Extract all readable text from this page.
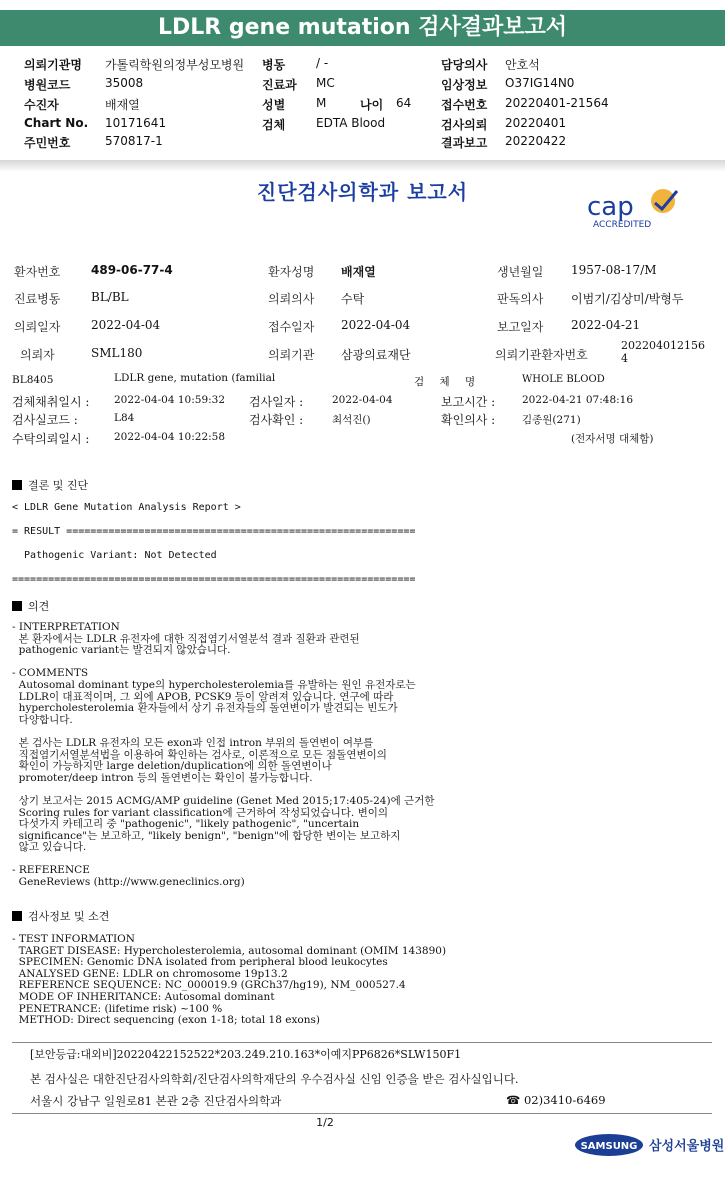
LDLR gene mutation 검사결과보고서
의뢰기관명 가톨릭학원의정부성모병원 병동	/ -	담당의사 안호석
병원코드	35008	진료과 MC	임상정보 O37IG14N0
수진자	배재열	성별	M	나이 64 접수번호 20220401-21564
Chart No. 10171641	검체	EDTA Blood	검사의뢰 20220401
주민번호	570817-1	결과보고 20220422
진단검사의학과 보고서	cap
ACCREDITED
환자번호	489-06-77-4	환자성명 배재열	생년월일 1957-08-17/M
진료병동	BL/BL	의뢰의사 수탁	판독의사 이범기/김상미/박형두
의뢰일자	2022-04-04	접수일자 2022-04-04	보고일자 2022-04-21
의뢰자	SML180	의뢰기관 삼광의료재단	의뢰기관환자번호
202204012156
4
BL8405	LDLR gene, mutation (familial	검 체 명	WHOLE BLOOD
검체채취일시 : 2022-04-04 10:59:32 검사일자 :	2022-04-04	보고시간 :	2022-04-21 07:48:16
검사실코드 :	L84	검사확인 :	최석진()	확인의사 :	김종원(271)
수탁의뢰일시 : 2022-04-04 10:22:58	(전자서명 대체함)
결론 및 진단
< LDLR Gene Mutation Analysis Report >

= RESULT ==========================================================

Pathogenic Variant: Not Detected

===================================================================
의견
- INTERPRETATION
본 환자에서는 LDLR 유전자에 대한 직접염기서열분석 결과 질환과 관련된
pathogenic variant는 발견되지 않았습니다.

- COMMENTS
Autosomal dominant type의 hypercholesterolemia를 유발하는 원인 유전자로는
LDLR이 대표적이며, 그 외에 APOB, PCSK9 등이 알려져 있습니다. 연구에 따라
hypercholesterolemia 환자들에서 상기 유전자들의 돌연변이가 발견되는 빈도가
다양합니다.

본 검사는 LDLR 유전자의 모든 exon과 인접 intron 부위의 돌연변이 여부를
직접염기서열분석법을 이용하여 확인하는 검사로, 이론적으로 모든 점돌연변이의
확인이 가능하지만 large deletion/duplication에 의한 돌연변이나
promoter/deep intron 등의 돌연변이는 확인이 불가능합니다.

상기 보고서는 2015 ACMG/AMP guideline (Genet Med 2015;17:405-24)에 근거한
Scoring rules for variant classification에 근거하여 작성되었습니다. 변이의
다섯가지 카테고리 중 "pathogenic", "likely pathogenic", "uncertain
significance"는 보고하고, "likely benign", "benign"에 합당한 변이는 보고하지
않고 있습니다.

- REFERENCE
GeneReviews (http://www.geneclinics.org)
검사정보 및 소견
- TEST INFORMATION
TARGET DISEASE: Hypercholesterolemia, autosomal dominant (OMIM 143890)
SPECIMEN: Genomic DNA isolated from peripheral blood leukocytes
ANALYSED GENE: LDLR on chromosome 19p13.2
REFERENCE SEQUENCE: NC_000019.9 (GRCh37/hg19), NM_000527.4
MODE OF INHERITANCE: Autosomal dominant
PENETRANCE: (lifetime risk) ~100 %
METHOD: Direct sequencing (exon 1-18; total 18 exons)
[보안등급:대외비]20220422152522*203.249.210.163*이예지PP6826*SLW150F1
본 검사실은 대한진단검사의학회/진단검사의학재단의 우수검사실 신임 인증을 받은 검사실입니다.
서울시 강남구 일원로81 본관 2층 진단검사의학과	☎ 02)3410-6469
1/2
SAMSUNG 삼성서울병원
